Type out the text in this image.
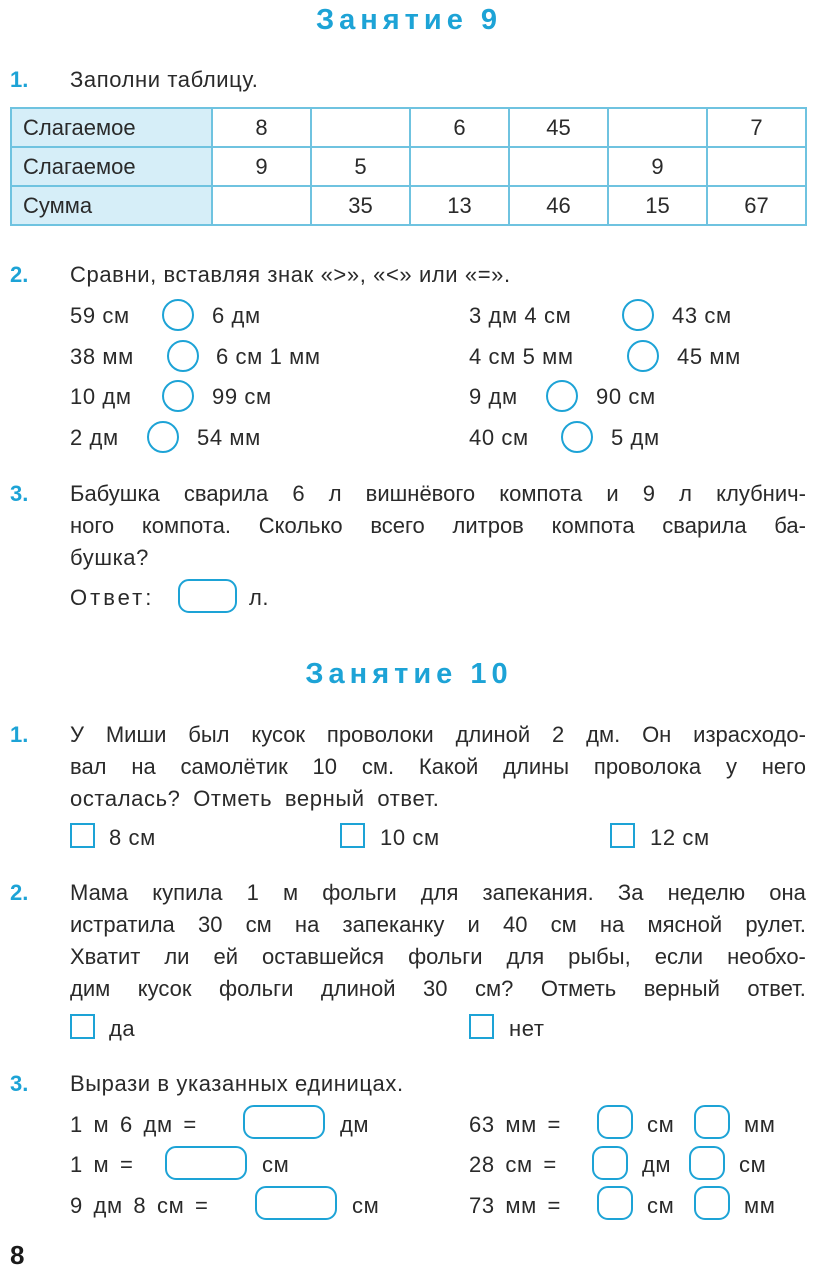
Занятие 9
1. Заполни таблицу.
Слагаемое	8		6	45		7
Слагаемое	9	5			9	
Сумма		35	13	46	15	67
2. Сравни, вставляя знак «>», «<» или «=».
59 см	6 дм
38 мм	6 см 1 мм
10 дм	99 см
2 дм	54 мм
3 дм 4 см	43 см
4 см 5 мм	45 мм
9 дм	90 см
40 см	5 дм
3. Бабушка сварила 6 л вишнёвого компота и 9 л клубнич-
ного компота. Сколько всего литров компота сварила ба-
бушка?
Ответ:	л.
Занятие 10
1. У Миши был кусок проволоки длиной 2 дм. Он израсходо-
вал на самолётик 10 см. Какой длины проволока у него
осталась? Отметь верный ответ.
8 см	10 см	12 см
2. Мама купила 1 м фольги для запекания. За неделю она
истратила 30 см на запеканку и 40 см на мясной рулет.
Хватит ли ей оставшейся фольги для рыбы, если необхо-
дим кусок фольги длиной 30 см? Отметь верный ответ.
да	нет
3. Вырази в указанных единицах.
1 м 6 дм =	дм
1 м =	см
9 дм 8 см =	см
63 мм =	см	мм
28 см =	дм	см
73 мм =	см	мм
8
